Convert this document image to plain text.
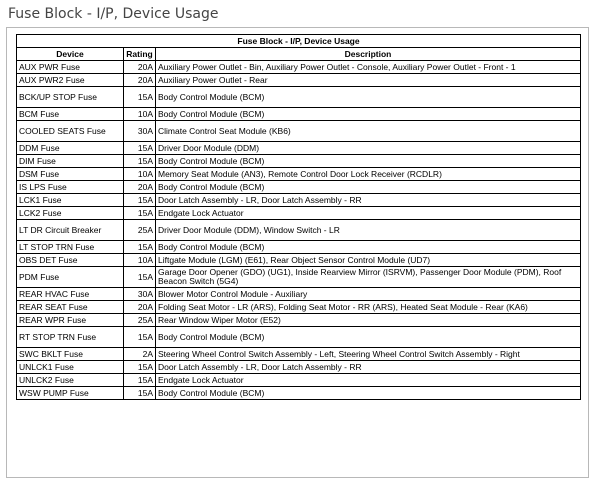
Fuse Block - I/P, Device Usage
Fuse Block - I/P, Device Usage		
Device	Rating	Description
AUX PWR Fuse	20A	Auxiliary Power Outlet - Bin, Auxiliary Power Outlet - Console, Auxiliary Power Outlet - Front - 1
AUX PWR2 Fuse	20A	Auxiliary Power Outlet - Rear
BCK/UP STOP Fuse	15A	Body Control Module (BCM)
BCM Fuse	10A	Body Control Module (BCM)
COOLED SEATS Fuse	30A	Climate Control Seat Module (KB6)
DDM Fuse	15A	Driver Door Module (DDM)
DIM Fuse	15A	Body Control Module (BCM)
DSM Fuse	10A	Memory Seat Module (AN3), Remote Control Door Lock Receiver (RCDLR)
IS LPS Fuse	20A	Body Control Module (BCM)
LCK1 Fuse	15A	Door Latch Assembly - LR, Door Latch Assembly - RR
LCK2 Fuse	15A	Endgate Lock Actuator
LT DR Circuit Breaker	25A	Driver Door Module (DDM), Window Switch - LR
LT STOP TRN Fuse	15A	Body Control Module (BCM)
OBS DET Fuse	10A	Liftgate Module (LGM) (E61), Rear Object Sensor Control Module (UD7)
PDM Fuse	15A	Garage Door Opener (GDO) (UG1), Inside Rearview Mirror (ISRVM), Passenger Door Module (PDM), Roof Beacon Switch (5G4)
REAR HVAC Fuse	30A	Blower Motor Control Module - Auxiliary
REAR SEAT Fuse	20A	Folding Seat Motor - LR (ARS), Folding Seat Motor - RR (ARS), Heated Seat Module - Rear (KA6)
REAR WPR Fuse	25A	Rear Window Wiper Motor (E52)
RT STOP TRN Fuse	15A	Body Control Module (BCM)
SWC BKLT Fuse	2A	Steering Wheel Control Switch Assembly - Left, Steering Wheel Control Switch Assembly - Right
UNLCK1 Fuse	15A	Door Latch Assembly - LR, Door Latch Assembly - RR
UNLCK2 Fuse	15A	Endgate Lock Actuator
WSW PUMP Fuse	15A	Body Control Module (BCM)
